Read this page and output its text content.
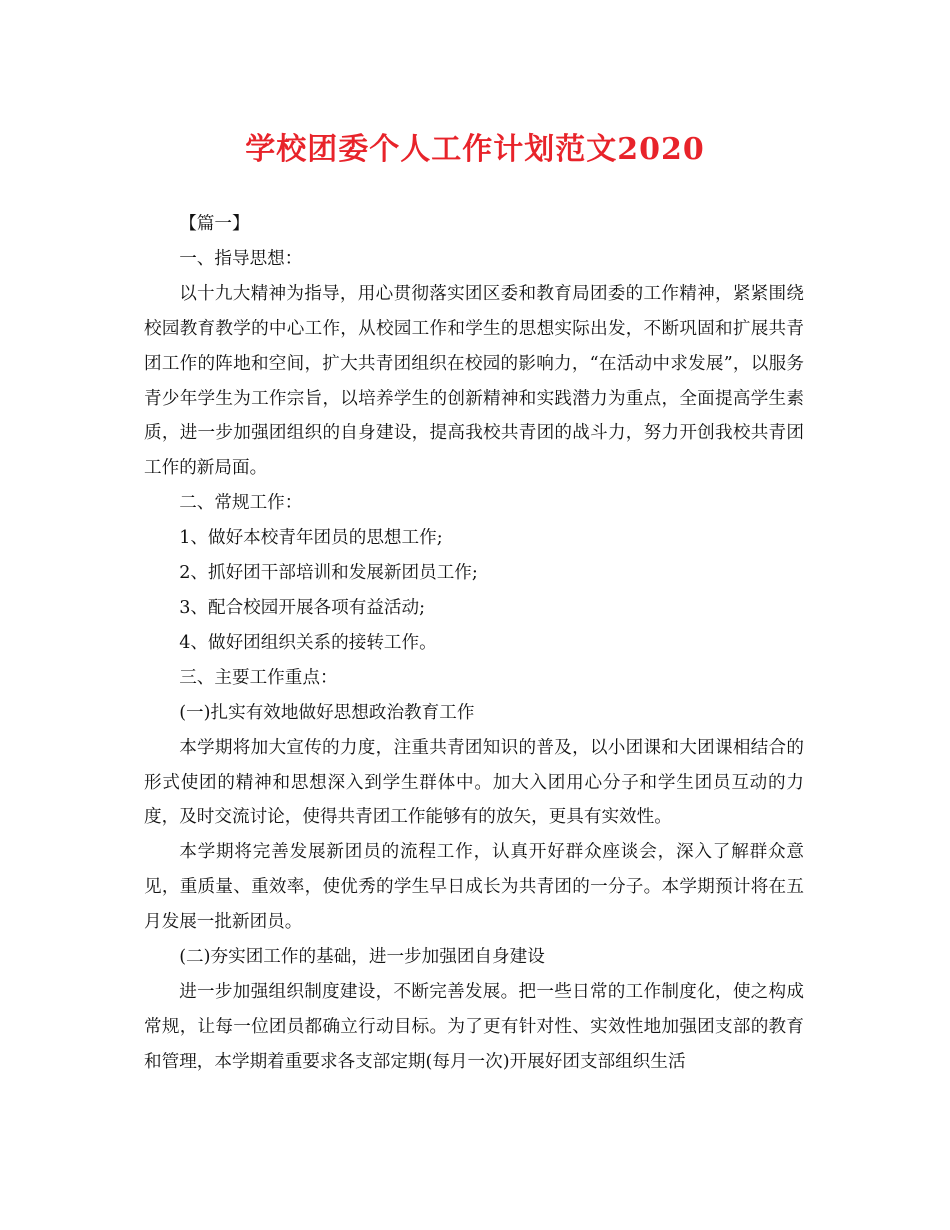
学校团委个人工作计划范文2020

【篇一】

一、指导思想：

以十九大精神为指导，用心贯彻落实团区委和教育局团委的工作精神，紧紧围绕校园教育教学的中心工作，从校园工作和学生的思想实际出发，不断巩固和扩展共青团工作的阵地和空间，扩大共青团组织在校园的影响力，“在活动中求发展”，以服务青少年学生为工作宗旨，以培养学生的创新精神和实践潜力为重点，全面提高学生素质，进一步加强团组织的自身建设，提高我校共青团的战斗力，努力开创我校共青团工作的新局面。

二、常规工作：

1、做好本校青年团员的思想工作;

2、抓好团干部培训和发展新团员工作;

3、配合校园开展各项有益活动;

4、做好团组织关系的接转工作。

三、主要工作重点：

(一)扎实有效地做好思想政治教育工作

本学期将加大宣传的力度，注重共青团知识的普及，以小团课和大团课相结合的形式使团的精神和思想深入到学生群体中。加大入团用心分子和学生团员互动的力度，及时交流讨论，使得共青团工作能够有的放矢，更具有实效性。

本学期将完善发展新团员的流程工作，认真开好群众座谈会，深入了解群众意见，重质量、重效率，使优秀的学生早日成长为共青团的一分子。本学期预计将在五月发展一批新团员。

(二)夯实团工作的基础，进一步加强团自身建设

进一步加强组织制度建设，不断完善发展。把一些日常的工作制度化，使之构成常规，让每一位团员都确立行动目标。为了更有针对性、实效性地加强团支部的教育和管理，本学期着重要求各支部定期(每月一次)开展好团支部组织生活
